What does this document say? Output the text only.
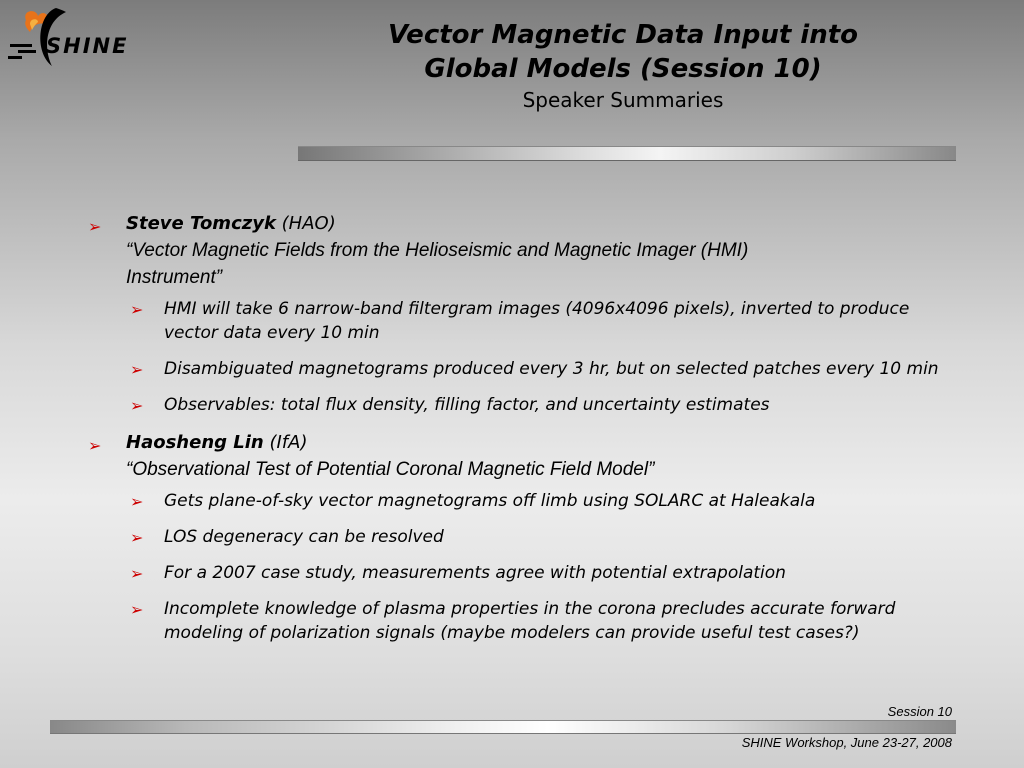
SHINE	Vector Magnetic Data Input into
Global Models (Session 10)
Speaker Summaries
➢ Steve Tomczyk (HAO)
“Vector Magnetic Fields from the Helioseismic and Magnetic Imager (HMI)
Instrument”
➢ HMI will take 6 narrow-band filtergram images (4096x4096 pixels), inverted to produce vector data every 10 min
➢ Disambiguated magnetograms produced every 3 hr, but on selected patches every 10 min
➢ Observables: total flux density, filling factor, and uncertainty estimates
➢ Haosheng Lin (IfA)
“Observational Test of Potential Coronal Magnetic Field Model”
➢ Gets plane-of-sky vector magnetograms off limb using SOLARC at Haleakala
➢ LOS degeneracy can be resolved
➢ For a 2007 case study, measurements agree with potential extrapolation
➢ Incomplete knowledge of plasma properties in the corona precludes accurate forward modeling of polarization signals (maybe modelers can provide useful test cases?)
Session 10
SHINE Workshop, June 23-27, 2008
